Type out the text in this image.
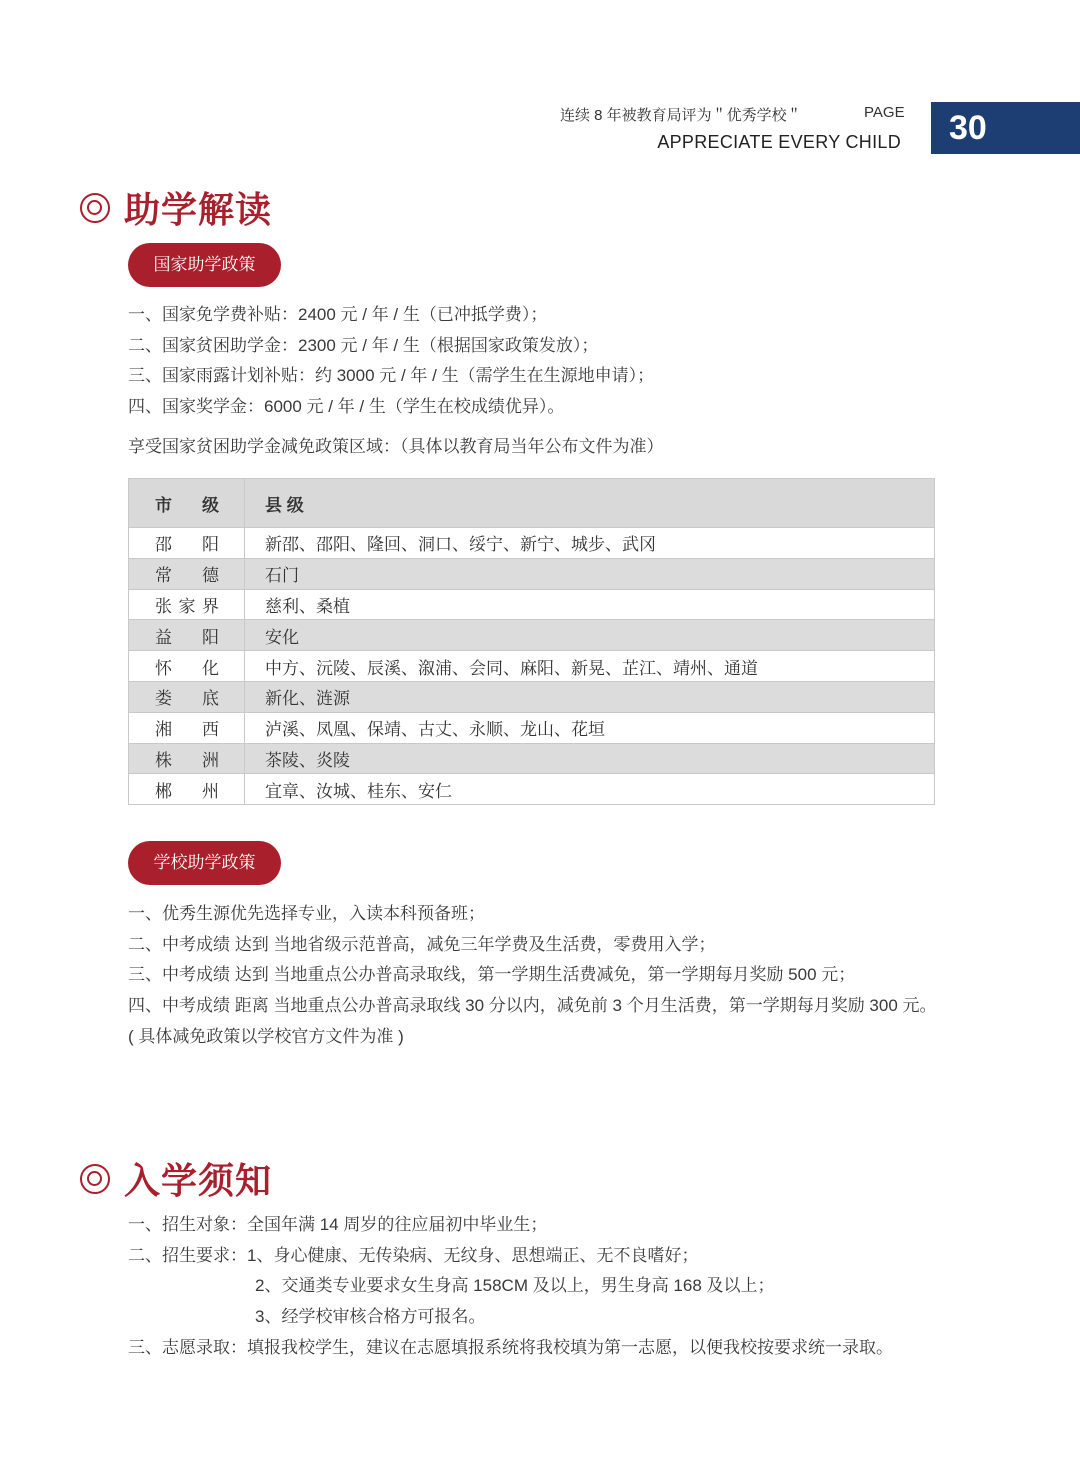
连续 8 年被教育局评为＂优秀学校＂	PAGE
APPRECIATE EVERY CHILD	30
助学解读
国家助学政策
一、国家免学费补贴：2400 元 / 年 / 生（已冲抵学费）；
二、国家贫困助学金：2300 元 / 年 / 生（根据国家政策发放）；
三、国家雨露计划补贴：约 3000 元 / 年 / 生（需学生在生源地申请）；
四、国家奖学金：6000 元 / 年 / 生（学生在校成绩优异）。
享受国家贫困助学金减免政策区域：（具体以教育局当年公布文件为准）
市　级	县 级

邵阳	新邵、邵阳、隆回、洞口、绥宁、新宁、城步、武冈

常德	石门

张家界	慈利、桑植

益阳	安化

怀化	中方、沅陵、辰溪、溆浦、会同、麻阳、新晃、芷江、靖州、通道

娄底	新化、涟源

湘西	泸溪、凤凰、保靖、古丈、永顺、龙山、花垣

株洲	茶陵、炎陵

郴州	宜章、汝城、桂东、安仁
学校助学政策
一、优秀生源优先选择专业，入读本科预备班；
二、中考成绩 达到 当地省级示范普高，减免三年学费及生活费，零费用入学；
三、中考成绩 达到 当地重点公办普高录取线，第一学期生活费减免，第一学期每月奖励 500 元；
四、中考成绩 距离 当地重点公办普高录取线 30 分以内，减免前 3 个月生活费，第一学期每月奖励 300 元。
( 具体减免政策以学校官方文件为准 )
入学须知
一、招生对象：全国年满 14 周岁的往应届初中毕业生；
二、招生要求：1、身心健康、无传染病、无纹身、思想端正、无不良嗜好；
2、交通类专业要求女生身高 158CM 及以上，男生身高 168 及以上；
3、经学校审核合格方可报名。
三、志愿录取：填报我校学生，建议在志愿填报系统将我校填为第一志愿，以便我校按要求统一录取。
